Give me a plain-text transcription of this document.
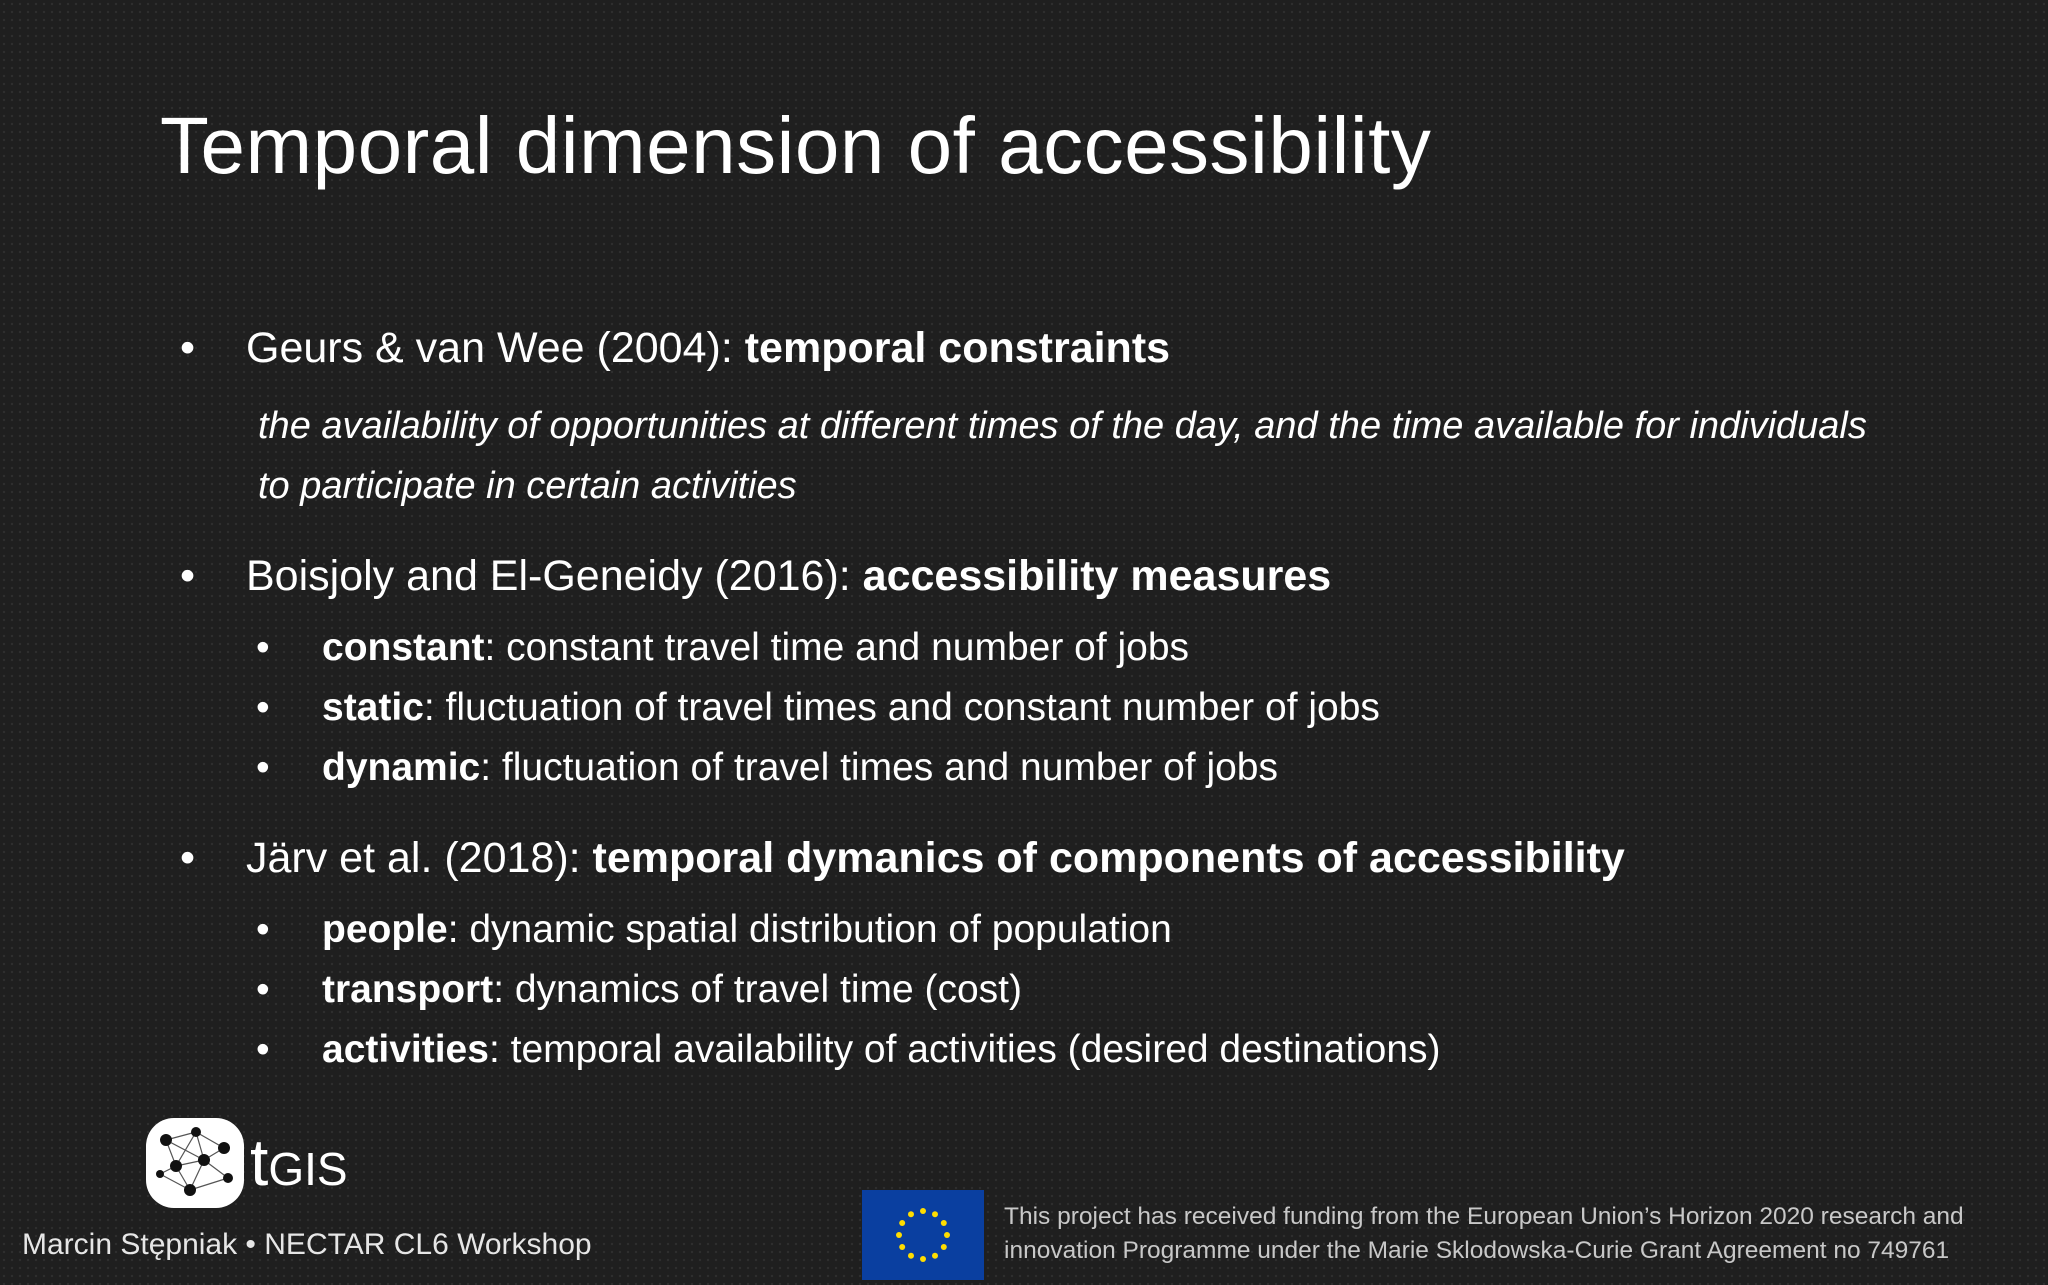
Temporal dimension of accessibility
• Geurs & van Wee (2004): temporal constraints
the availability of opportunities at different times of the day, and the time available for individuals to participate in certain activities
• Boisjoly and El-Geneidy (2016): accessibility measures
• constant: constant travel time and number of jobs
• static: fluctuation of travel times and constant number of jobs
• dynamic: fluctuation of travel times and number of jobs
• Järv et al. (2018): temporal dymanics of components of accessibility
• people: dynamic spatial distribution of population
• transport: dynamics of travel time (cost)
• activities: temporal availability of activities (desired destinations)
tGIS
Marcin Stępniak • NECTAR CL6 Workshop
This project has received funding from the European Union’s Horizon 2020 research and innovation Programme under the Marie Sklodowska-Curie Grant Agreement no 749761
